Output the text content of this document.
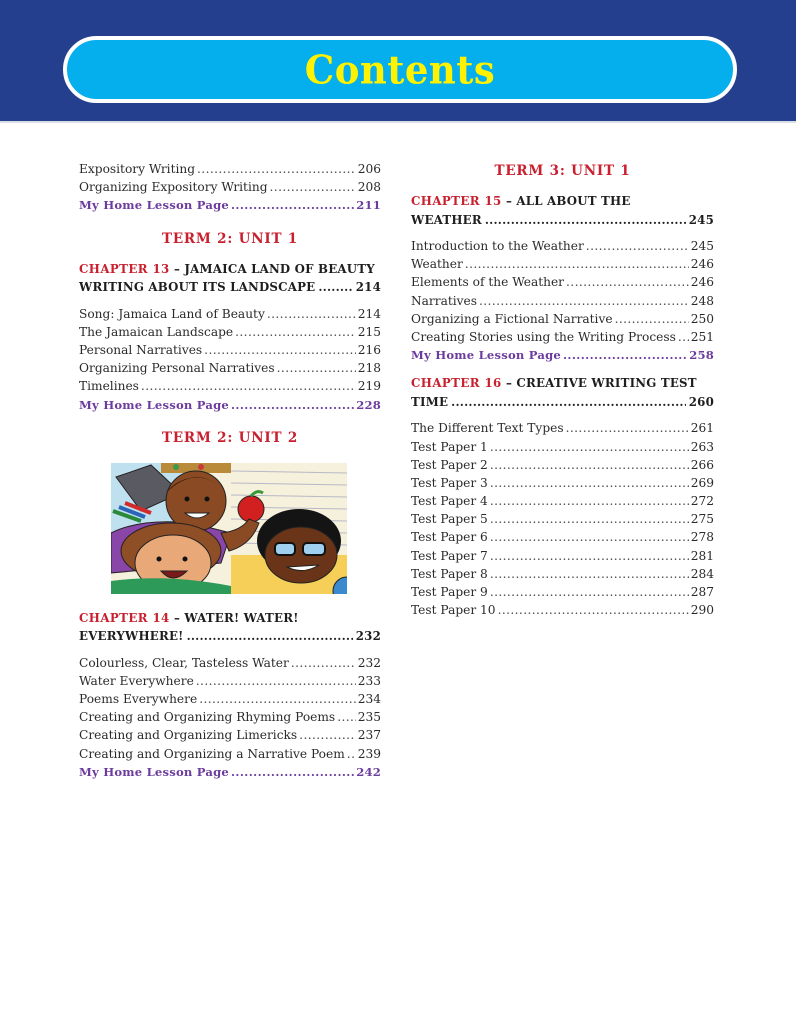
Contents
Expository Writing .....	206
Organizing Expository Writing .....	208
My Home Lesson Page .....	211
TERM 2: UNIT 1
CHAPTER 13 – JAMAICA LAND OF BEAUTY
WRITING ABOUT ITS LANDSCAPE .....	214
Song: Jamaica Land of Beauty .....	214
The Jamaican Landscape .....	215
Personal Narratives .....	216
Organizing Personal Narratives .....	218
Timelines .....	219
My Home Lesson Page .....	228
TERM 2: UNIT 2
CHAPTER 14 – WATER! WATER!
EVERYWHERE! .....	232
Colourless, Clear, Tasteless Water .....	232
Water Everywhere .....	233
Poems Everywhere .....	234
Creating and Organizing Rhyming Poems ..... 235
Creating and Organizing Limericks .....	237
Creating and Organizing a Narrative Poem ..... 239
My Home Lesson Page .....	242
TERM 3: UNIT 1
CHAPTER 15 – ALL ABOUT THE
WEATHER .....	245
Introduction to the Weather .....	245
Weather .....	246
Elements of the Weather .....	246
Narratives .....	248
Organizing a Fictional Narrative .....	250
Creating Stories using the Writing Process ..... 251
My Home Lesson Page .....	258
CHAPTER 16 – CREATIVE WRITING TEST
TIME .....	260
The Different Text Types .....	261
Test Paper 1 .....	263
Test Paper 2 .....	266
Test Paper 3 .....	269
Test Paper 4 .....	272
Test Paper 5 .....	275
Test Paper 6 .....	278
Test Paper 7 .....	281
Test Paper 8 .....	284
Test Paper 9 .....	287
Test Paper 10 .....	290
